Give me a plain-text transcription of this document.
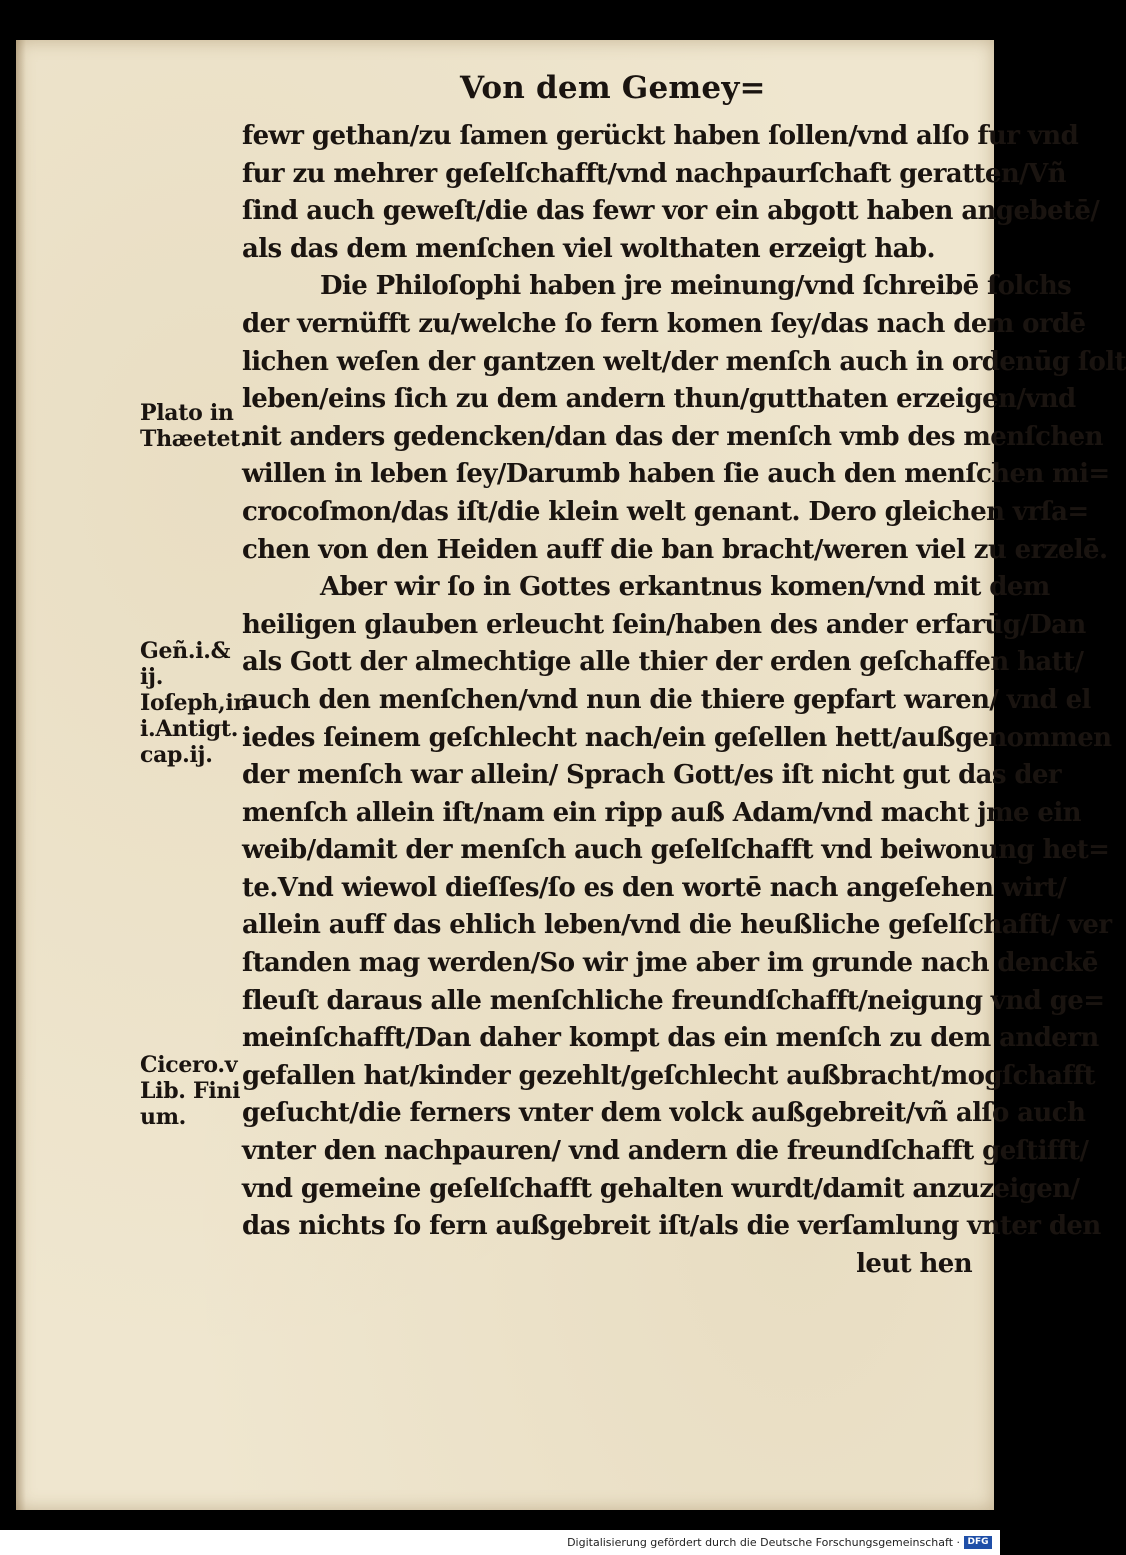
Von dem Gemey=
fewr gethan/zu ſamen gerückt haben ſollen/vnd alſo fur vnd
fur zu mehrer geſelſchafft/vnd nachpaurſchaft geratten/Vñ
ſind auch geweſt/die das fewr vor ein abgott haben angebetē/
als das dem menſchen viel wolthaten erzeigt hab.
Die Philoſophi haben jre meinung/vnd ſchreibē ſolchs
der vernüfft zu/welche ſo fern komen ſey/das nach dem ordē
lichen weſen der gantzen welt/der menſch auch in ordenūg ſolt
leben/eins ſich zu dem andern thun/gutthaten erzeigen/vnd
nit anders gedencken/dan das der menſch vmb des menſchen
willen in leben ſey/Darumb haben ſie auch den menſchen mi=
crocoſmon/das iſt/die klein welt genant. Dero gleichen vrſa=
chen von den Heiden auff die ban bracht/weren viel zu erzelē.
Aber wir ſo in Gottes erkantnus komen/vnd mit dem
heiligen glauben erleucht ſein/haben des ander erfarūg/Dan
als Gott der almechtige alle thier der erden geſchaffen hatt/
auch den menſchen/vnd nun die thiere gepfart waren/ vnd el
iedes ſeinem geſchlecht nach/ein geſellen hett/außgenommen
der menſch war allein/ Sprach Gott/es iſt nicht gut das der
menſch allein iſt/nam ein ripp auß Adam/vnd macht jme ein
weib/damit der menſch auch geſelſchafft vnd beiwonung het=
te.Vnd wiewol dieſſes/ſo es den wortē nach angeſehen wirt/
allein auff das ehlich leben/vnd die heußliche geſelſchafft/ ver
ſtanden mag werden/So wir jme aber im grunde nach denckē
fleuſt daraus alle menſchliche freundſchafft/neigung vnd ge=
meinſchafft/Dan daher kompt das ein menſch zu dem andern
gefallen hat/kinder gezehlt/geſchlecht außbracht/mogſchafft
geſucht/die ferners vnter dem volck außgebreit/vñ alſo auch
vnter den nachpauren/ vnd andern die freundſchafft geſtifft/
vnd gemeine geſelſchafft gehalten wurdt/damit anzuzeigen/
das nichts ſo fern außgebreit iſt/als die verſamlung vnter den
leut hen
Plato in
Thæetet.
Geñ.i.&
ij.
Ioſeph,in
i.Antigt.
cap.ij.
Cicero.v
Lib. Fini
um.
Digitalisierung gefördert durch die Deutsche Forschungsgemeinschaft · DFG
